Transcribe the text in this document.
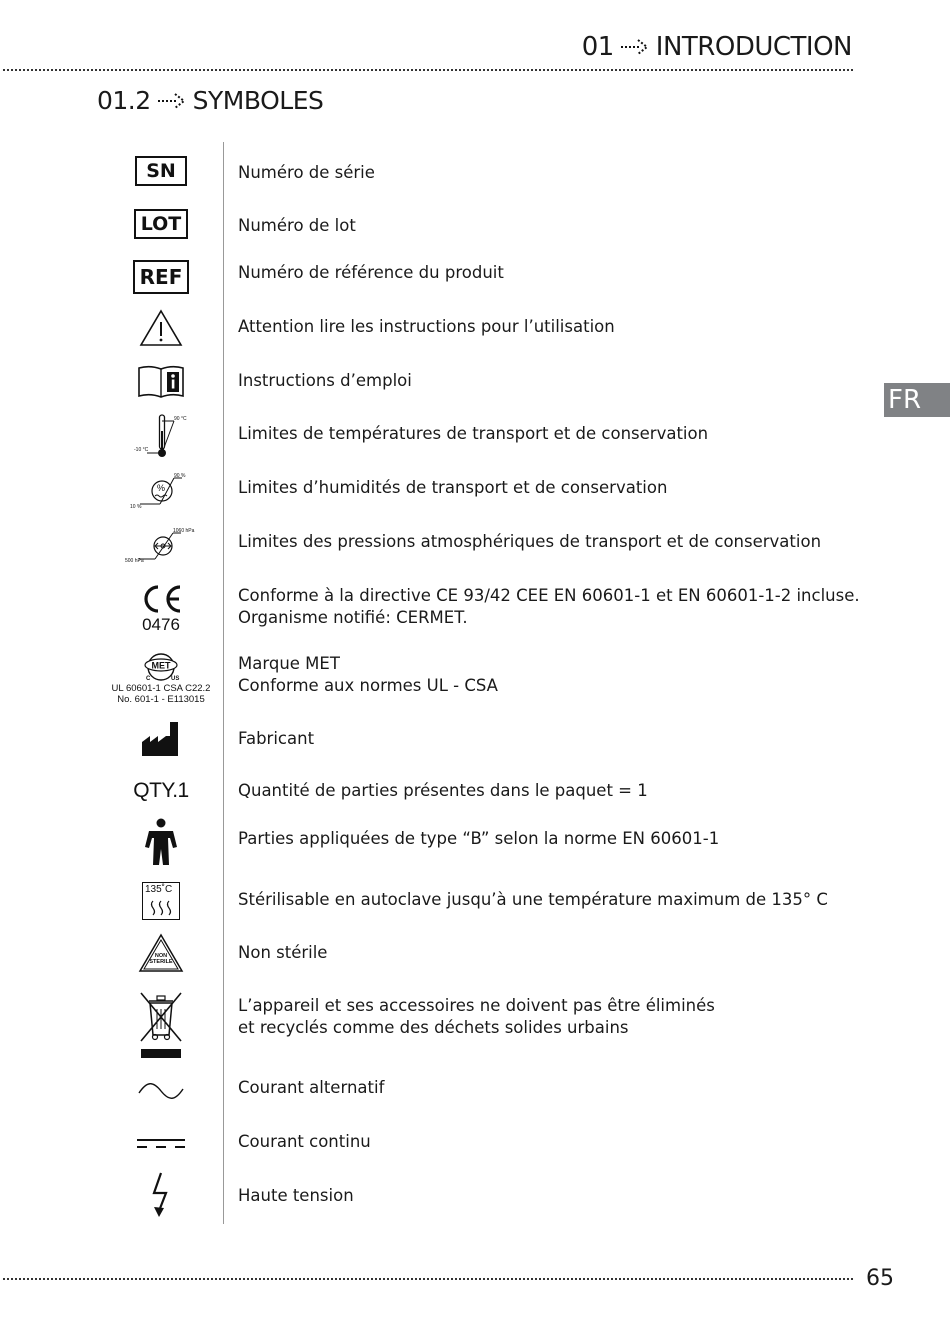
01 INTRODUCTION
01.2 SYMBOLES
FR
SN	Numéro de série
LOT	Numéro de lot
REF	Numéro de référence du produit
Attention lire les instructions pour l’utilisation
Instructions d’emploi
90 °C
-10 °C
Limites de températures de transport et de conservation
%
90 %
10 %
Limites d’humidités de transport et de conservation
1060 hPa
500 hPa
Limites des pressions atmosphériques de transport et de conservation
0476
Conforme à la directive CE 93/42 CEE EN 60601-1 et EN 60601-1-2 incluse.
Organisme notifié: CERMET.
MET
C	US
UL 60601-1 CSA C22.2
No. 601-1 - E113015
Marque MET
Conforme aux normes UL - CSA
Fabricant
QTY.1	Quantité de parties présentes dans le paquet = 1
Parties appliquées de type “B” selon la norme EN 60601-1
135˚C
Stérilisable en autoclave jusqu’à une température maximum de 135° C
NON
STERILE	Non stérile
L’appareil et ses accessoires ne doivent pas être éliminés
et recyclés comme des déchets solides urbains
Courant alternatif
Courant continu
Haute tension
65
